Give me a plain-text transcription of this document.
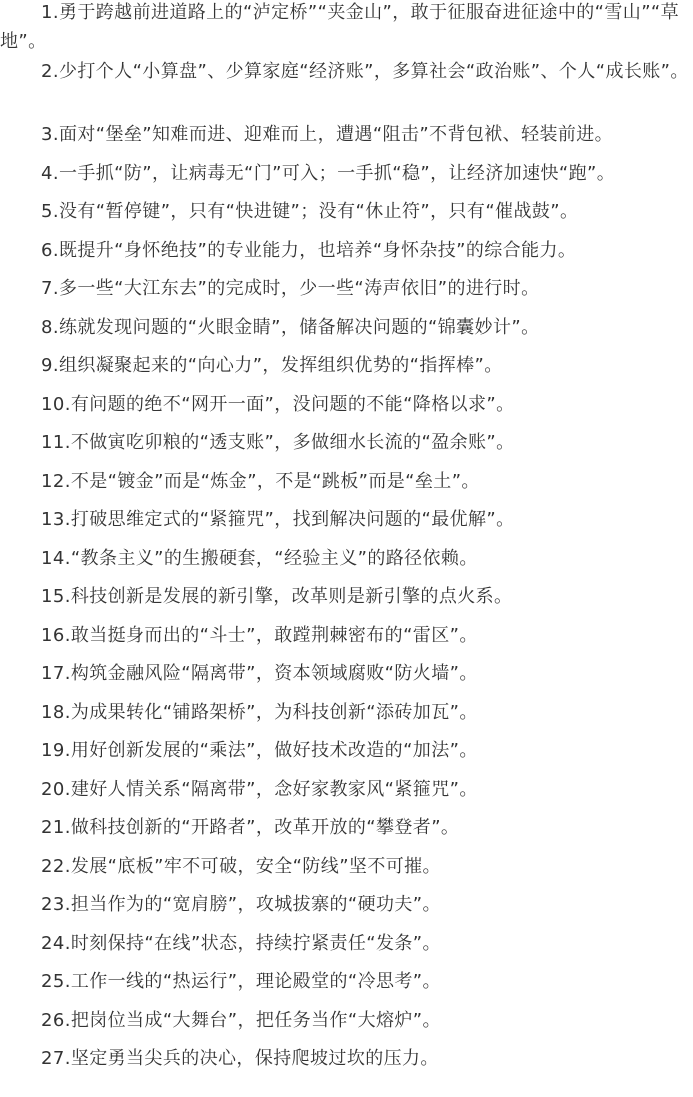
1.勇于跨越前进道路上的“泸定桥”“夹金山”，敢于征服奋进征途中的“雪山”“草地”。

2.少打个人“小算盘”、少算家庭“经济账”，多算社会“政治账”、个人“成长账”。

3.面对“堡垒”知难而进、迎难而上，遭遇“阻击”不背包袱、轻装前进。

4.一手抓“防”，让病毒无“门”可入；一手抓“稳”，让经济加速快“跑”。

5.没有“暂停键”，只有“快进键”；没有“休止符”，只有“催战鼓”。

6.既提升“身怀绝技”的专业能力，也培养“身怀杂技”的综合能力。

7.多一些“大江东去”的完成时，少一些“涛声依旧”的进行时。

8.练就发现问题的“火眼金睛”，储备解决问题的“锦囊妙计”。

9.组织凝聚起来的“向心力”，发挥组织优势的“指挥棒”。

10.有问题的绝不“网开一面”，没问题的不能“降格以求”。

11.不做寅吃卯粮的“透支账”，多做细水长流的“盈余账”。

12.不是“镀金”而是“炼金”，不是“跳板”而是“垒土”。

13.打破思维定式的“紧箍咒”，找到解决问题的“最优解”。

14.“教条主义”的生搬硬套，“经验主义”的路径依赖。

15.科技创新是发展的新引擎，改革则是新引擎的点火系。

16.敢当挺身而出的“斗士”，敢蹚荆棘密布的“雷区”。

17.构筑金融风险“隔离带”，资本领域腐败“防火墙”。

18.为成果转化“铺路架桥”，为科技创新“添砖加瓦”。

19.用好创新发展的“乘法”，做好技术改造的“加法”。

20.建好人情关系“隔离带”，念好家教家风“紧箍咒”。

21.做科技创新的“开路者”，改革开放的“攀登者”。

22.发展“底板”牢不可破，安全“防线”坚不可摧。

23.担当作为的“宽肩膀”，攻城拔寨的“硬功夫”。

24.时刻保持“在线”状态，持续拧紧责任“发条”。

25.工作一线的“热运行”，理论殿堂的“冷思考”。

26.把岗位当成“大舞台”，把任务当作“大熔炉”。

27.坚定勇当尖兵的决心，保持爬坡过坎的压力。
